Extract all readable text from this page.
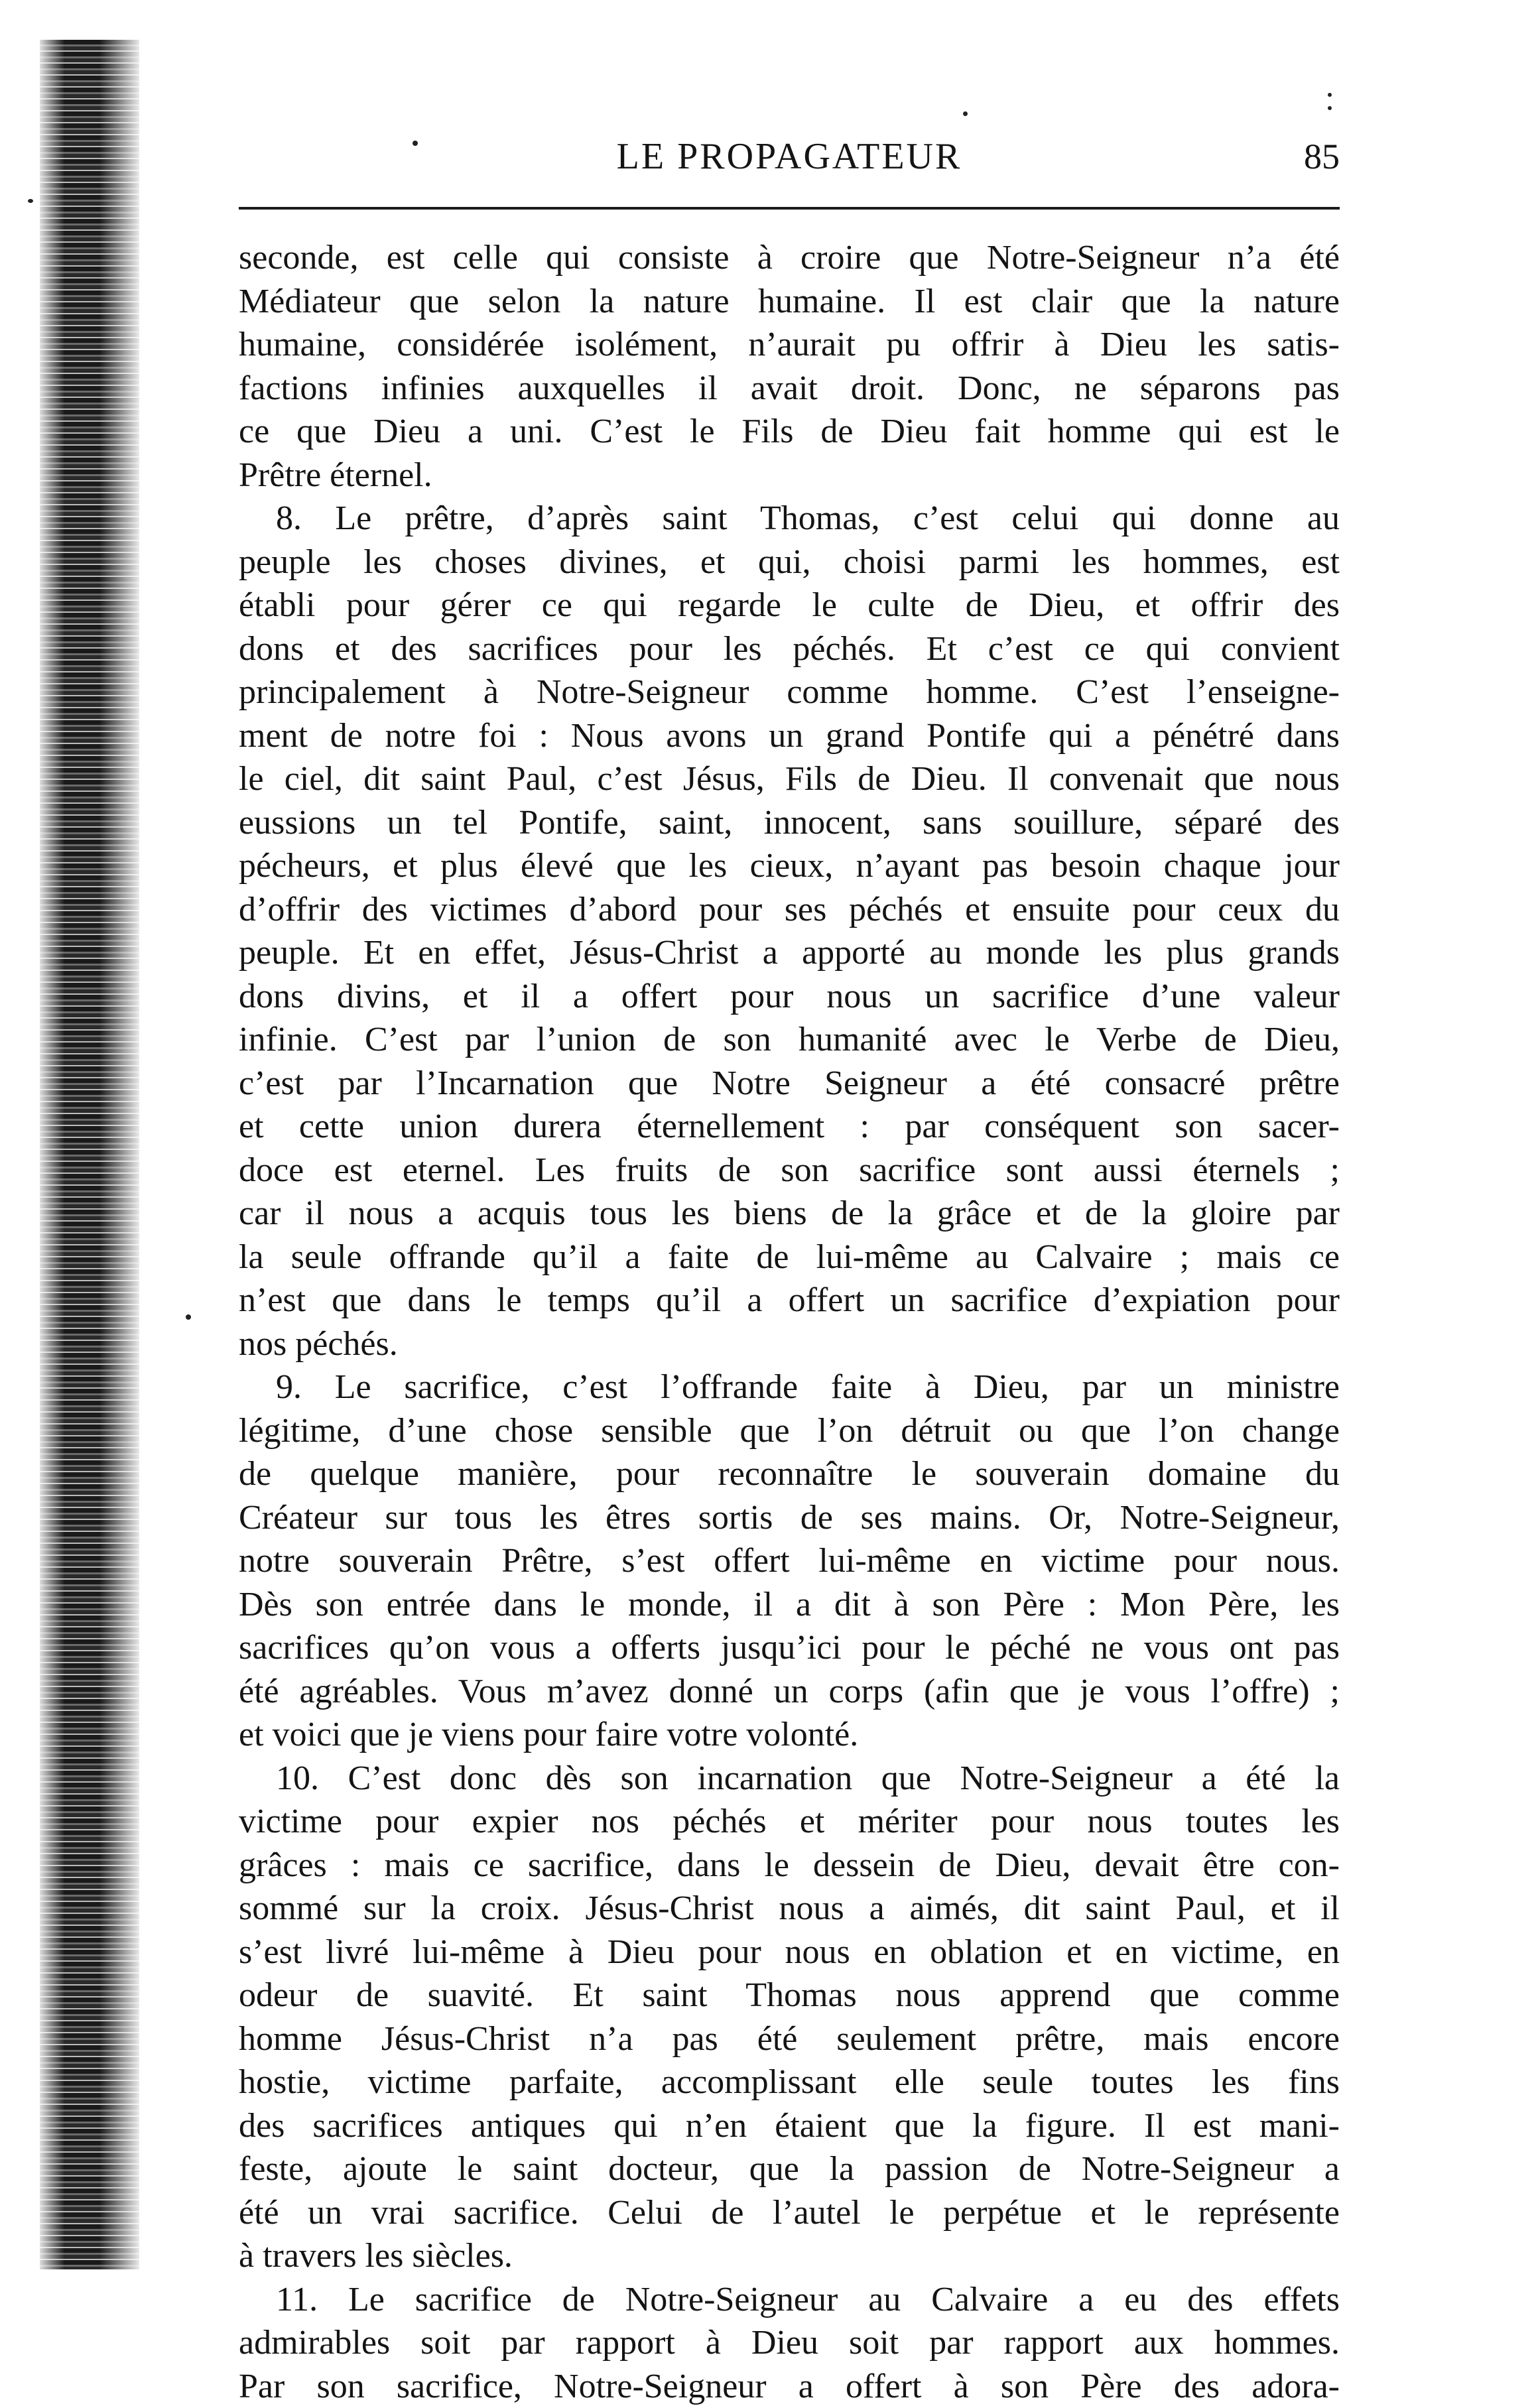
LE PROPAGATEUR	85
seconde, est celle qui consiste à croire que Notre-Seigneur n’a été
Médiateur que selon la nature humaine. Il est clair que la nature
humaine, considérée isolément, n’aurait pu offrir à Dieu les satis-
factions infinies auxquelles il avait droit. Donc, ne séparons pas
ce que Dieu a uni. C’est le Fils de Dieu fait homme qui est le
Prêtre éternel.
8. Le prêtre, d’après saint Thomas, c’est celui qui donne au
peuple les choses divines, et qui, choisi parmi les hommes, est
établi pour gérer ce qui regarde le culte de Dieu, et offrir des
dons et des sacrifices pour les péchés. Et c’est ce qui convient
principalement à Notre-Seigneur comme homme. C’est l’enseigne-
ment de notre foi : Nous avons un grand Pontife qui a pénétré dans
le ciel, dit saint Paul, c’est Jésus, Fils de Dieu. Il convenait que nous
eussions un tel Pontife, saint, innocent, sans souillure, séparé des
pécheurs, et plus élevé que les cieux, n’ayant pas besoin chaque jour
d’offrir des victimes d’abord pour ses péchés et ensuite pour ceux du
peuple. Et en effet, Jésus-Christ a apporté au monde les plus grands
dons divins, et il a offert pour nous un sacrifice d’une valeur
infinie. C’est par l’union de son humanité avec le Verbe de Dieu,
c’est par l’Incarnation que Notre Seigneur a été consacré prêtre
et cette union durera éternellement : par conséquent son sacer-
doce est eternel. Les fruits de son sacrifice sont aussi éternels ;
car il nous a acquis tous les biens de la grâce et de la gloire par
la seule offrande qu’il a faite de lui-même au Calvaire ; mais ce
n’est que dans le temps qu’il a offert un sacrifice d’expiation pour
nos péchés.
9. Le sacrifice, c’est l’offrande faite à Dieu, par un ministre
légitime, d’une chose sensible que l’on détruit ou que l’on change
de quelque manière, pour reconnaître le souverain domaine du
Créateur sur tous les êtres sortis de ses mains. Or, Notre-Seigneur,
notre souverain Prêtre, s’est offert lui-même en victime pour nous.
Dès son entrée dans le monde, il a dit à son Père : Mon Père, les
sacrifices qu’on vous a offerts jusqu’ici pour le péché ne vous ont pas
été agréables. Vous m’avez donné un corps (afin que je vous l’offre) ;
et voici que je viens pour faire votre volonté.
10. C’est donc dès son incarnation que Notre-Seigneur a été la
victime pour expier nos péchés et mériter pour nous toutes les
grâces : mais ce sacrifice, dans le dessein de Dieu, devait être con-
sommé sur la croix. Jésus-Christ nous a aimés, dit saint Paul, et il
s’est livré lui-même à Dieu pour nous en oblation et en victime, en
odeur de suavité. Et saint Thomas nous apprend que comme
homme Jésus-Christ n’a pas été seulement prêtre, mais encore
hostie, victime parfaite, accomplissant elle seule toutes les fins
des sacrifices antiques qui n’en étaient que la figure. Il est mani-
feste, ajoute le saint docteur, que la passion de Notre-Seigneur a
été un vrai sacrifice. Celui de l’autel le perpétue et le représente
à travers les siècles.
11. Le sacrifice de Notre-Seigneur au Calvaire a eu des effets
admirables soit par rapport à Dieu soit par rapport aux hommes.
Par son sacrifice, Notre-Seigneur a offert à son Père des adora-
